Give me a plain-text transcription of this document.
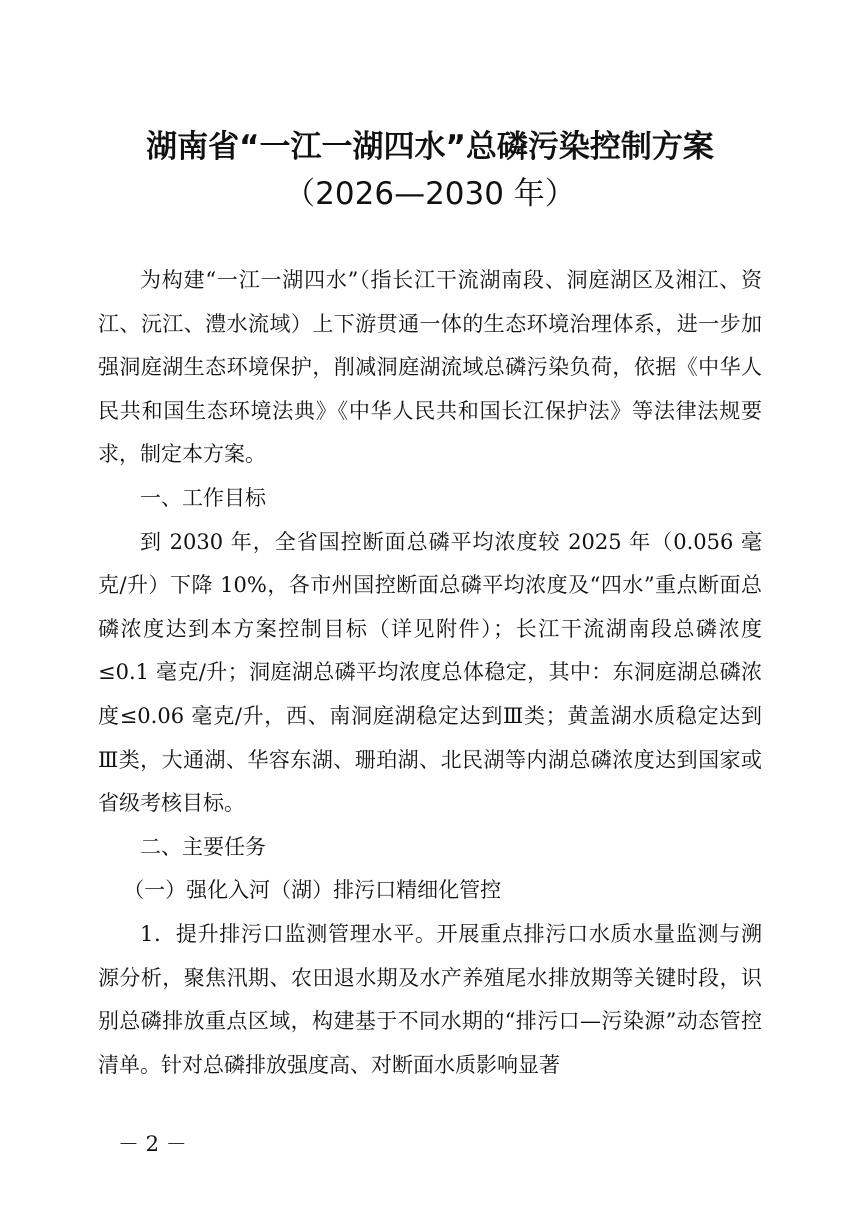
湖南省“一江一湖四水”总磷污染控制方案
（2026—2030 年）

为构建“一江一湖四水”（指长江干流湖南段、洞庭湖区及湘江、资江、沅江、澧水流域）上下游贯通一体的生态环境治理体系，进一步加强洞庭湖生态环境保护，削减洞庭湖流域总磷污染负荷，依据《中华人民共和国生态环境法典》《中华人民共和国长江保护法》等法律法规要求，制定本方案。

一、工作目标

到 2030 年，全省国控断面总磷平均浓度较 2025 年（0.056 毫克/升）下降 10%，各市州国控断面总磷平均浓度及“四水”重点断面总磷浓度达到本方案控制目标（详见附件）；长江干流湖南段总磷浓度≤0.1 毫克/升；洞庭湖总磷平均浓度总体稳定，其中：东洞庭湖总磷浓度≤0.06 毫克/升，西、南洞庭湖稳定达到Ⅲ类；黄盖湖水质稳定达到Ⅲ类，大通湖、华容东湖、珊珀湖、北民湖等内湖总磷浓度达到国家或省级考核目标。

二、主要任务

（一）强化入河（湖）排污口精细化管控

1．提升排污口监测管理水平。开展重点排污口水质水量监测与溯源分析，聚焦汛期、农田退水期及水产养殖尾水排放期等关键时段，识别总磷排放重点区域，构建基于不同水期的“排污口—污染源”动态管控清单。针对总磷排放强度高、对断面水质影响显著

－ 2 －
